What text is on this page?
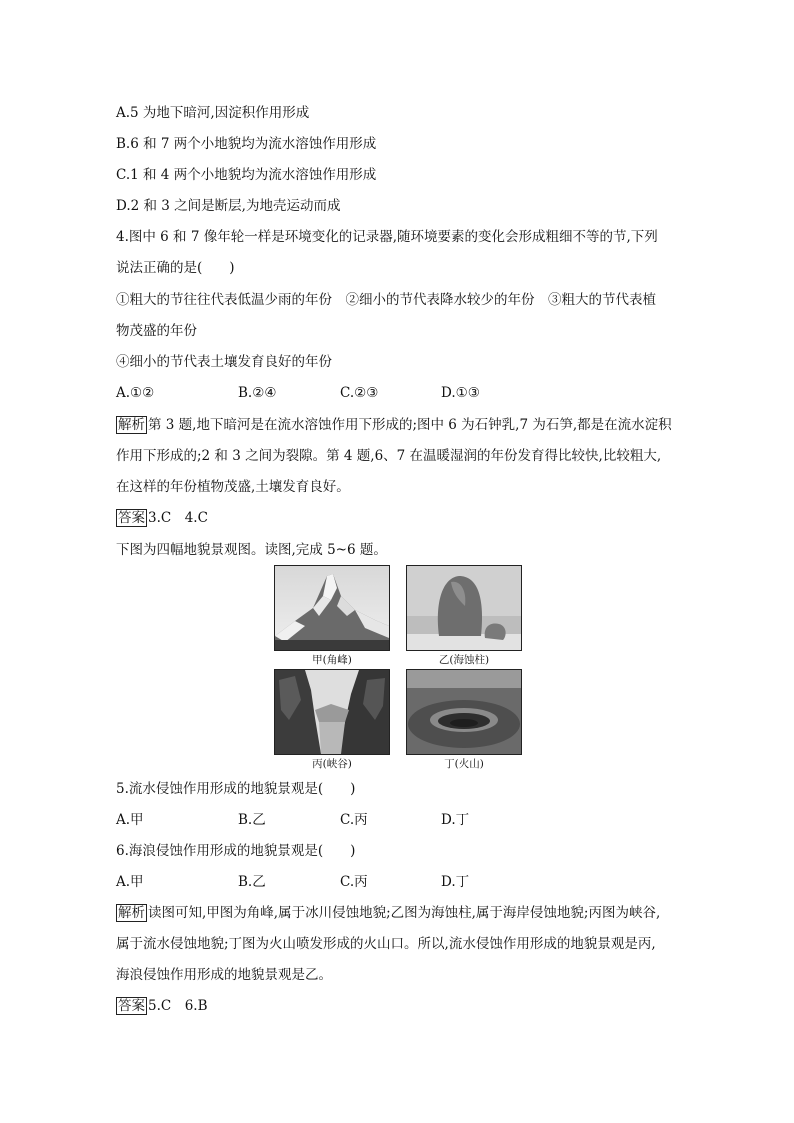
A.5 为地下暗河,因淀积作用形成
B.6 和 7 两个小地貌均为流水溶蚀作用形成
C.1 和 4 两个小地貌均为流水溶蚀作用形成
D.2 和 3 之间是断层,为地壳运动而成
4.图中 6 和 7 像年轮一样是环境变化的记录器,随环境要素的变化会形成粗细不等的节,下列
说法正确的是(　　)
①粗大的节往往代表低温少雨的年份　②细小的节代表降水较少的年份　③粗大的节代表植
物茂盛的年份
④细小的节代表土壤发育良好的年份
A.①②	B.②④	C.②③	D.①③
解析 第 3 题,地下暗河是在流水溶蚀作用下形成的;图中 6 为石钟乳,7 为石笋,都是在流水淀积
作用下形成的;2 和 3 之间为裂隙。第 4 题,6、7 在温暖湿润的年份发育得比较快,比较粗大,
在这样的年份植物茂盛,土壤发育良好。
答案 3.C　4.C
下图为四幅地貌景观图。读图,完成 5~6 题。
甲(角峰)	乙(海蚀柱)
丙(峡谷)	丁(火山)
5.流水侵蚀作用形成的地貌景观是(　　)
A.甲	B.乙	C.丙	D.丁
6.海浪侵蚀作用形成的地貌景观是(　　)
A.甲	B.乙	C.丙	D.丁
解析 读图可知,甲图为角峰,属于冰川侵蚀地貌;乙图为海蚀柱,属于海岸侵蚀地貌;丙图为峡谷,
属于流水侵蚀地貌;丁图为火山喷发形成的火山口。所以,流水侵蚀作用形成的地貌景观是丙,
海浪侵蚀作用形成的地貌景观是乙。
答案 5.C　6.B
